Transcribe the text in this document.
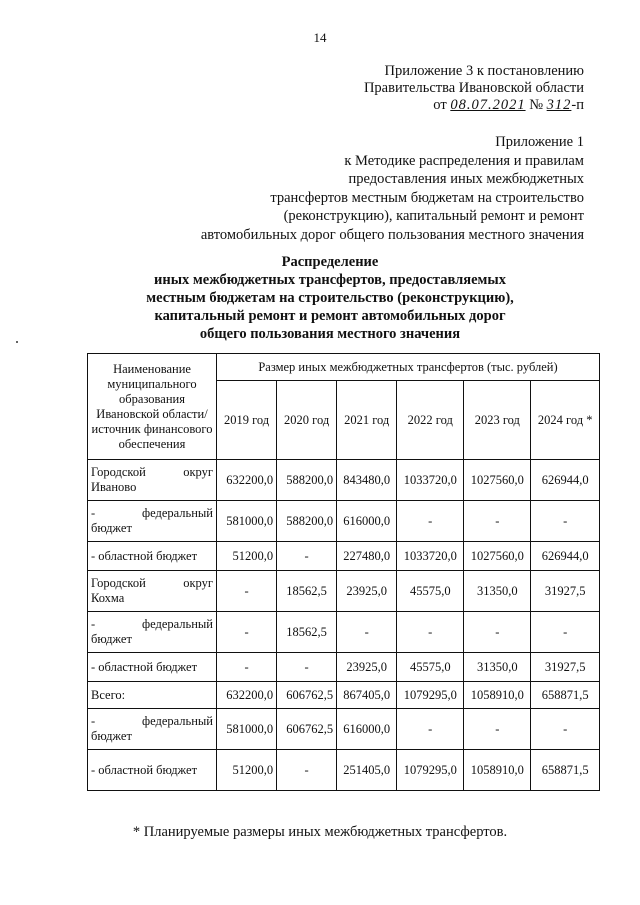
14
Приложение 3 к постановлению
Правительства Ивановской области
от 08.07.2021 № 312-п
Приложение 1
к Методике распределения и правилам
предоставления иных межбюджетных
трансфертов местным бюджетам на строительство
(реконструкцию), капитальный ремонт и ремонт
автомобильных дорог общего пользования местного значения
Распределение
иных межбюджетных трансфертов, предоставляемых
местным бюджетам на строительство (реконструкцию),
капитальный ремонт и ремонт автомобильных дорог
общего пользования местного значения
Наименование муниципального образования Ивановской области/источник финансового обеспечения	Размер иных межбюджетных трансфертов (тыс. рублей)					
	2019 год	2020 год	2021 год	2022 год	2023 год	2024 год *
Городской округ Иваново	632200,0	588200,0	843480,0	1033720,0	1027560,0	626944,0
- федеральный бюджет	581000,0	588200,0	616000,0	-	-	-
- областной бюджет	51200,0	-	227480,0	1033720,0	1027560,0	626944,0
Городской округ Кохма	-	18562,5	23925,0	45575,0	31350,0	31927,5
- федеральный бюджет	-	18562,5	-	-	-	-
- областной бюджет	-	-	23925,0	45575,0	31350,0	31927,5
Всего:	632200,0	606762,5	867405,0	1079295,0	1058910,0	658871,5
- федеральный бюджет	581000,0	606762,5	616000,0	-	-	-
- областной бюджет	51200,0	-	251405,0	1079295,0	1058910,0	658871,5
* Планируемые размеры иных межбюджетных трансфертов.
